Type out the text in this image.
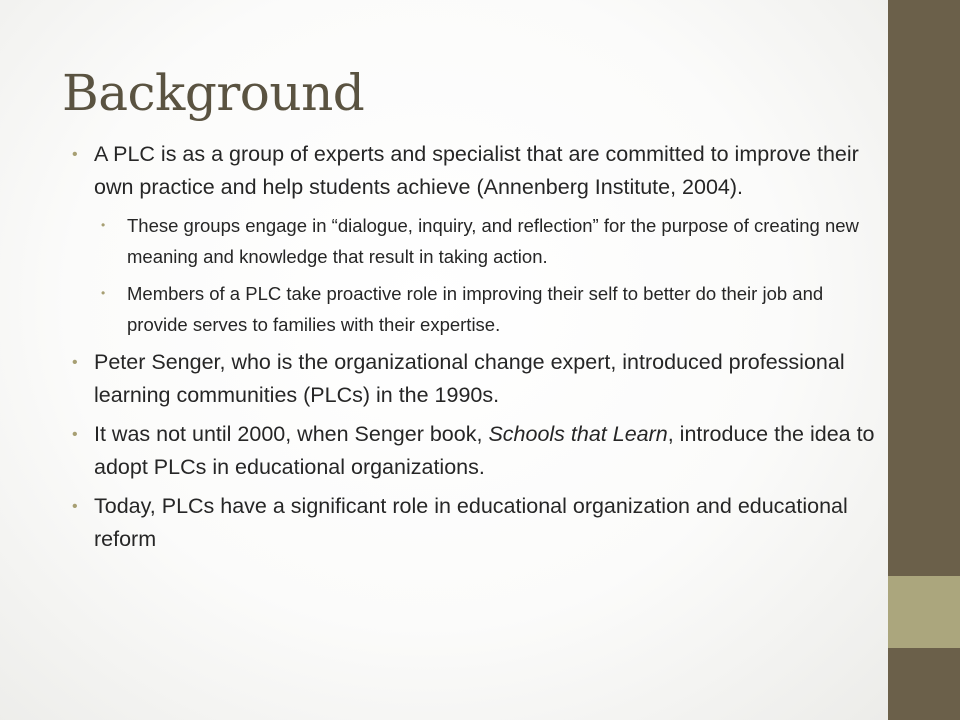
Background
• A PLC is as a group of experts and specialist that are committed to improve their own practice and help students achieve (Annenberg Institute, 2004).
• These groups engage in “dialogue, inquiry, and reflection” for the purpose of creating new meaning and knowledge that result in taking action.
• Members of a PLC take proactive role in improving their self to better do their job and provide serves to families with their expertise.
• Peter Senger, who is the organizational change expert, introduced professional learning communities (PLCs) in the 1990s.
• It was not until 2000, when Senger book, Schools that Learn, introduce the idea to adopt PLCs in educational organizations.
• Today, PLCs have a significant role in educational organization and educational reform
